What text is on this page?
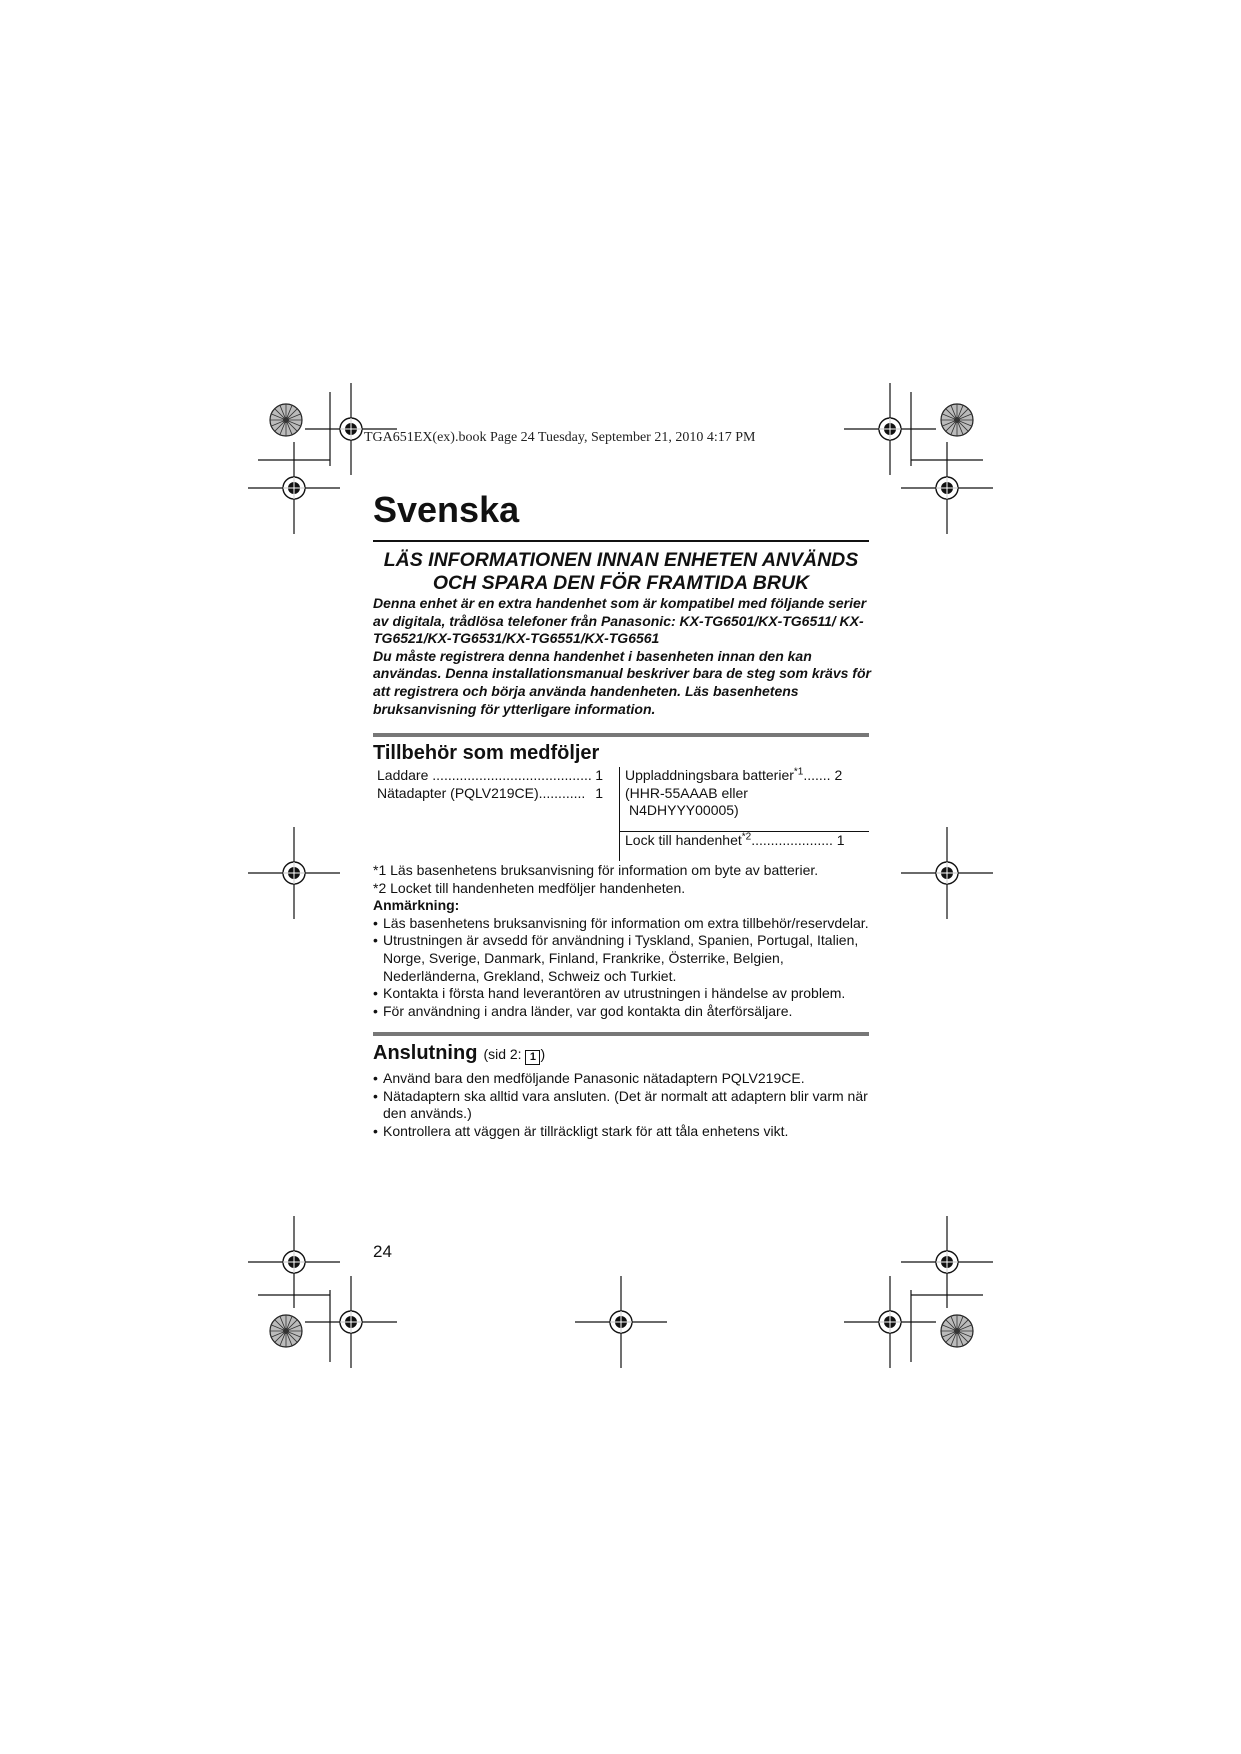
TGA651EX(ex).book Page 24 Tuesday, September 21, 2010 4:17 PM
Svenska
LÄS INFORMATIONEN INNAN ENHETEN ANVÄNDS
OCH SPARA DEN FÖR FRAMTIDA BRUK

Denna enhet är en extra handenhet som är kompatibel med följande serier av digitala, trådlösa telefoner från Panasonic: KX-TG6501/KX-TG6511/ KX-TG6521/KX-TG6531/KX-TG6551/KX-TG6561

Du måste registrera denna handenhet i basenheten innan den kan användas. Denna installationsmanual beskriver bara de steg som krävs för att registrera och börja använda handenheten. Läs basenhetens bruksanvisning för ytterligare information.

Tillbehör som medföljer
Laddare ......................................... 1
Nätadapter (PQLV219CE)............ 1
Uppladdningsbara batterier$^{*1}$....... 2
(HHR-55AAAB eller
N4DHYYY00005)
Lock till handenhet$^{*2}$..................... 1

*1 Läs basenhetens bruksanvisning för information om byte av batterier.

*2 Locket till handenheten medföljer handenheten.

Anmärkning:

• Läs basenhetens bruksanvisning för information om extra tillbehör/reservdelar.
• Utrustningen är avsedd för användning i Tyskland, Spanien, Portugal, Italien, Norge, Sverige, Danmark, Finland, Frankrike, Österrike, Belgien, Nederländerna, Grekland, Schweiz och Turkiet.
• Kontakta i första hand leverantören av utrustningen i händelse av problem.
• För användning i andra länder, var god kontakta din återförsäljare.
Anslutning (sid 2: 1 )
• Använd bara den medföljande Panasonic nätadaptern PQLV219CE.
• Nätadaptern ska alltid vara ansluten. (Det är normalt att adaptern blir varm när den används.)
• Kontrollera att väggen är tillräckligt stark för att tåla enhetens vikt.
24
